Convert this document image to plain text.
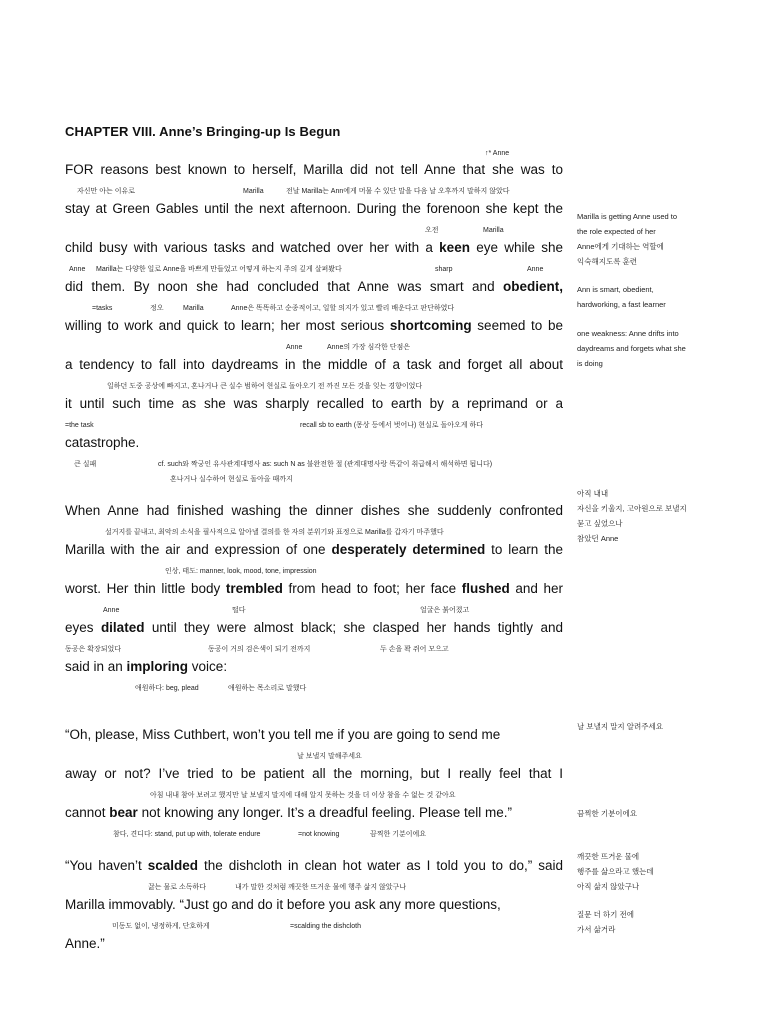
CHAPTER VIII. Anne’s Bringing-up Is Begun
↑* Anne
FOR reasons best known to herself, Marilla did not tell Anne that she was to
자신만 아는 이유로	Marilla	전날 Marilla는 Ann에게 머물 수 있단 말을 다음 날 오후까지 말하지 않았다
stay at Green Gables until the next afternoon. During the forenoon she kept the
오전	Marilla
child busy with various tasks and watched over her with a keen eye while she
Anne Marilla는 다양한 일로 Anne을 바쁘게 만들었고 어떻게 하는지 주의 깊게 살펴봤다	sharp	Anne
did them. By noon she had concluded that Anne was smart and obedient,
=tasks	정오	Marilla	Anne은 똑똑하고 순종적이고, 일할 의지가 있고 빨리 배운다고 판단하였다
willing to work and quick to learn; her most serious shortcoming seemed to be
Anne	Anne의 가장 심각한 단점은
a tendency to fall into daydreams in the middle of a task and forget all about
일하던 도중 공상에 빠지고, 혼나거나 큰 실수 범하여 현실로 돌아오기 전 까진 모든 것을 잊는 경향이었다
it until such time as she was sharply recalled to earth by a reprimand or a
=the task	recall sb to earth (몽상 등에서 벗어나) 현실로 돌아오게 하다
catastrophe.
큰 실패	cf. such와 짝궁인 유사관계대명사 as: such N as 불완전한 절 (관계대명사랑 똑같이 취급해서 해석하면 됩니다)
혼나거나 실수하여 현실로 돌아올 때까지
When Anne had finished washing the dinner dishes she suddenly confronted
설거지를 끝내고, 최악의 소식을 필사적으로 알아낼 결의를 한 자의 분위기와 표정으로 Marilla를 갑자기 마주했다
Marilla with the air and expression of one desperately determined to learn the
인상, 태도: manner, look, mood, tone, impression
worst. Her thin little body trembled from head to foot; her face flushed and her
Anne	떨다	얼굴은 붉어졌고
eyes dilated until they were almost black; she clasped her hands tightly and
동공은 확장되었다	동공이 거의 검은색이 되기 전까지	두 손을 꽉 쥐어 모으고
said in an imploring voice:
애원하다: beg, plead	애원하는 목소리로 말했다
“Oh, please, Miss Cuthbert, won’t you tell me if you are going to send me
날 보낼지 말해주세요
away or not? I’ve tried to be patient all the morning, but I really feel that I
아침 내내 참아 보려고 했지만 날 보낼지 말지에 대해 알지 못하는 것을 더 이상 참을 수 없는 것 같아요
cannot bear not knowing any longer. It’s a dreadful feeling. Please tell me.”
참다, 견디다: stand, put up with, tolerate endure	=not knowing	끔찍한 기분이에요
“You haven’t scalded the dishcloth in clean hot water as I told you to do,” said
끓는 물로 소독하다	내가 말한 것처럼 깨끗한 뜨거운 물에 행주 삶지 않았구나
Marilla immovably. “Just go and do it before you ask any more questions,
미동도 없이, 냉정하게, 단호하게	=scalding the dishcloth
Anne.”
Marilla is getting Anne used to
the role expected of her
Anne에게 기대하는 역할에
익숙해지도록 훈련
Ann is smart, obedient,
hardworking, a fast learner
one weakness: Anne drifts into
daydreams and forgets what she
is doing
아직 내내
자신을 키울지, 고아원으로 보낼지
묻고 싶었으나
참았던 Anne
날 보낼지 말지 알려주세요
끔찍한 기분이에요
깨끗한 뜨거운 물에
행주를 삶으라고 했는데
아직 삶지 않았구나
질문 더 하기 전에
가서 삶거라
